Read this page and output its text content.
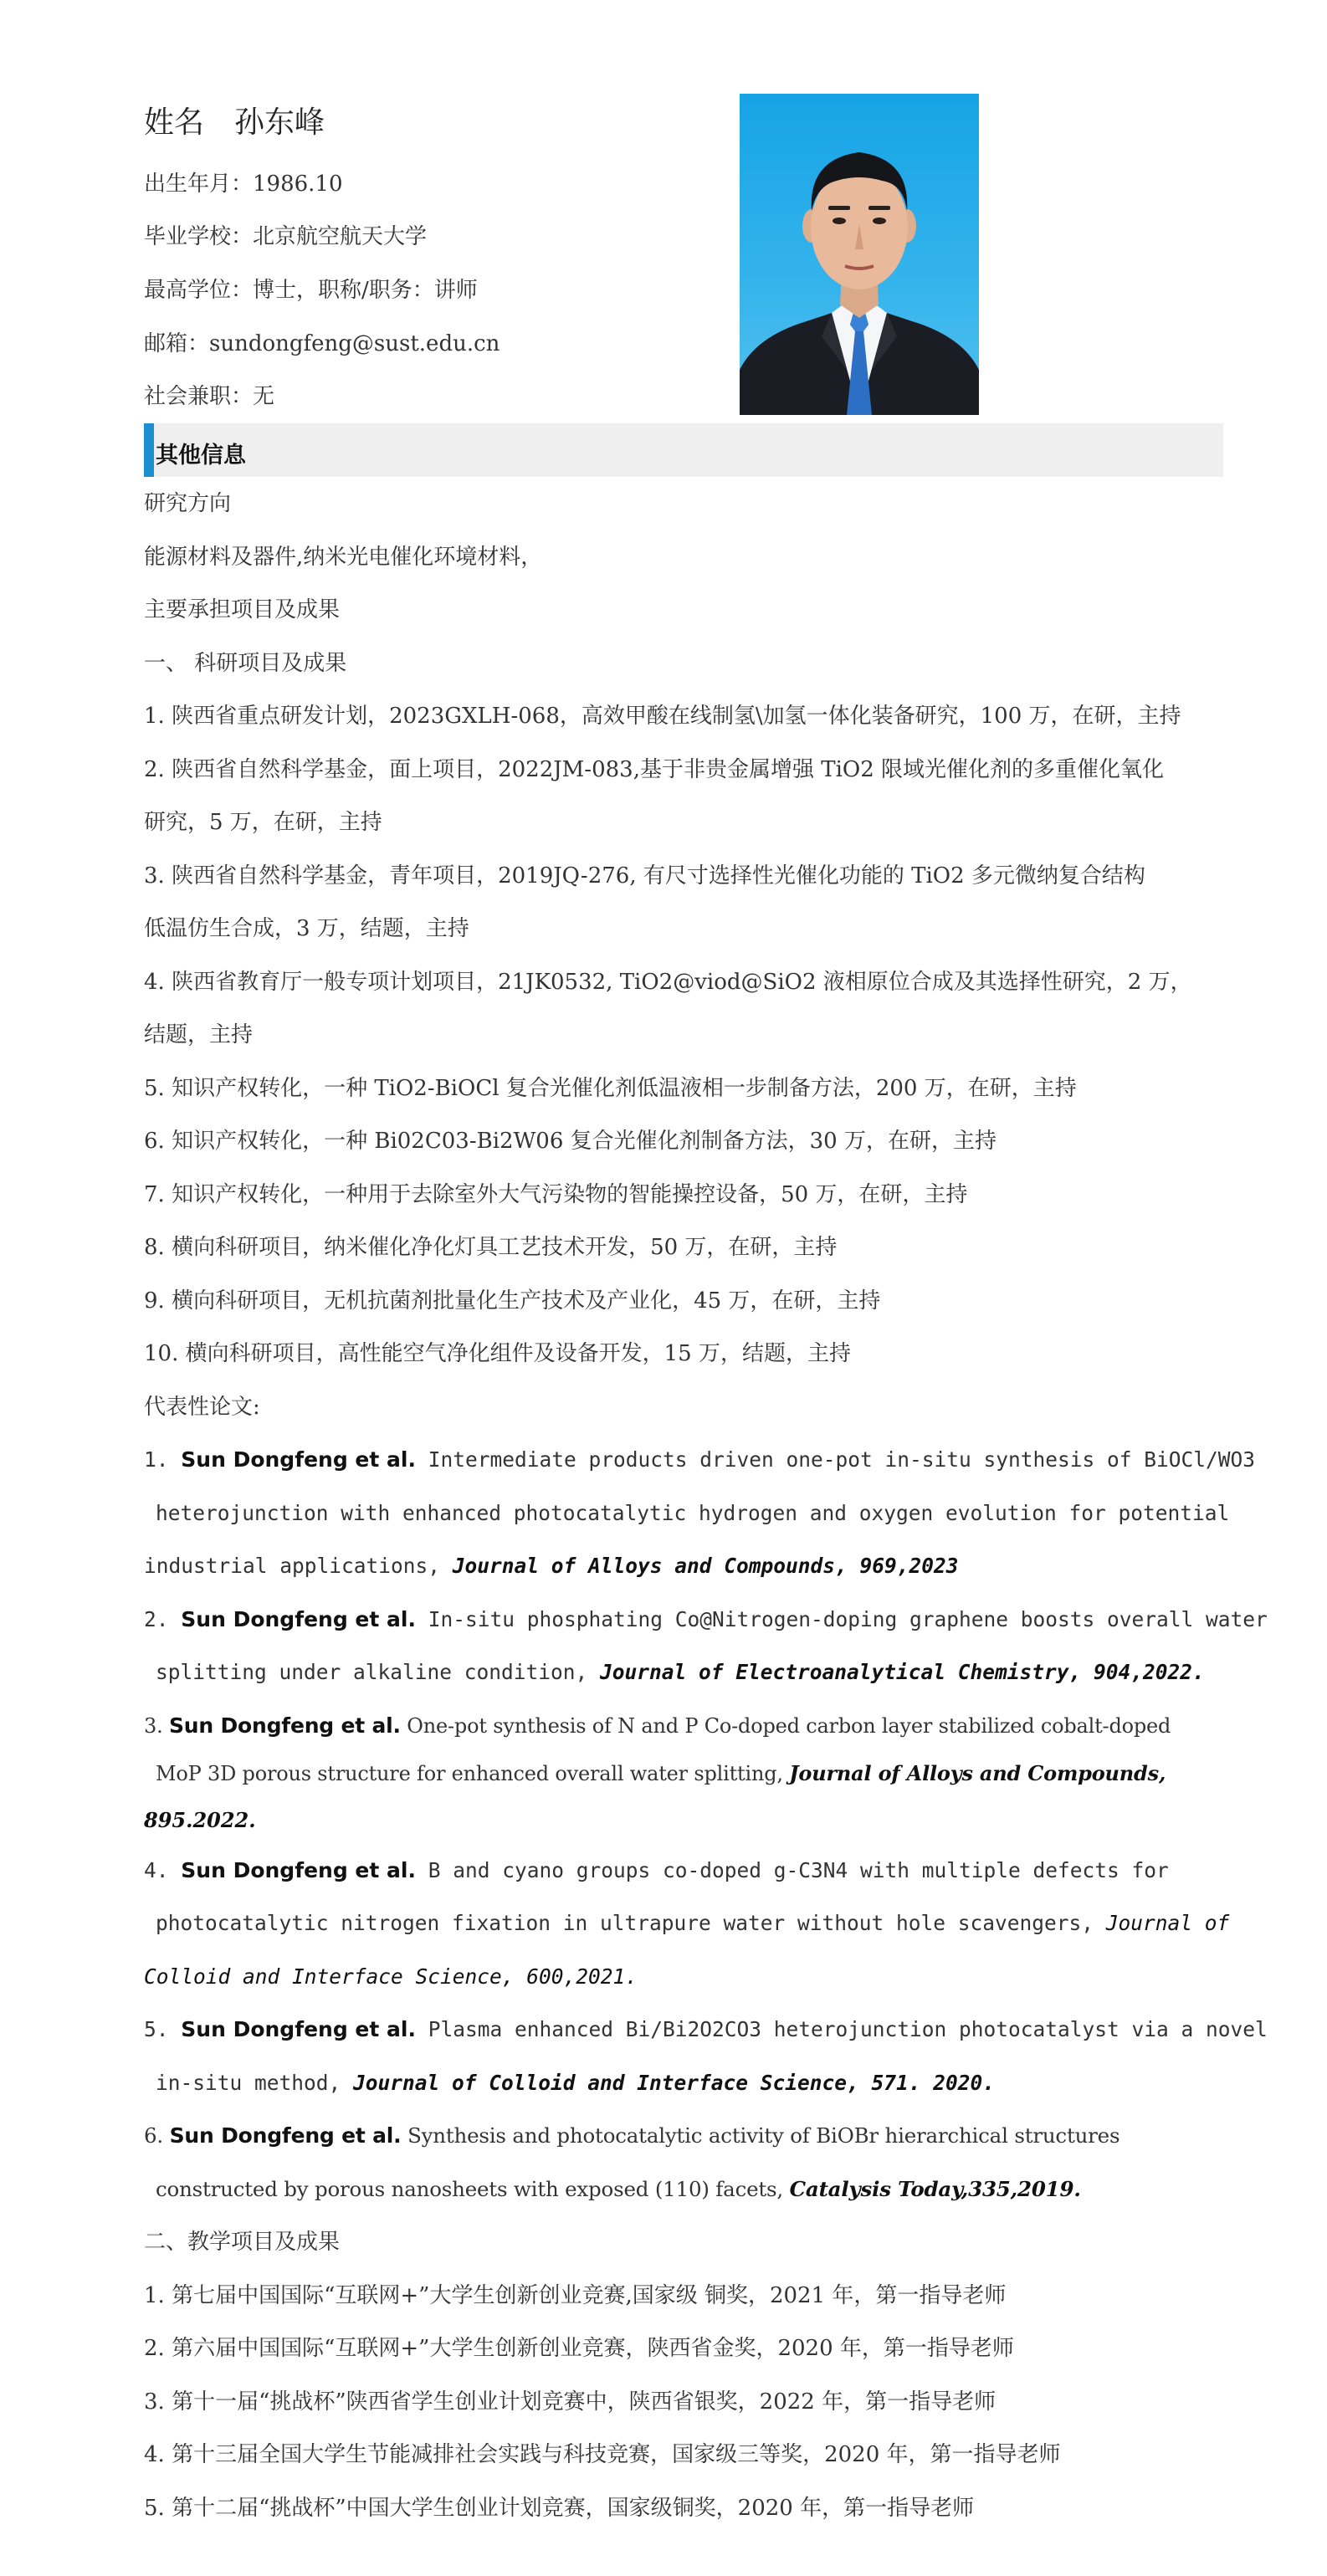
姓名 孙东峰
出生年月：1986.10
毕业学校：北京航空航天大学
最高学位：博士，职称/职务：讲师
邮箱：sundongfeng@sust.edu.cn
社会兼职：无
其他信息
研究方向
能源材料及器件,纳米光电催化环境材料，
主要承担项目及成果
一、 科研项目及成果
1. 陕西省重点研发计划，2023GXLH-068，高效甲酸在线制氢\加氢一体化装备研究，100 万，在研，主持
2. 陕西省自然科学基金，面上项目，2022JM-083,基于非贵金属增强 TiO2 限域光催化剂的多重催化氧化
研究，5 万，在研，主持
3. 陕西省自然科学基金，青年项目，2019JQ-276, 有尺寸选择性光催化功能的 TiO2 多元微纳复合结构
低温仿生合成，3 万，结题，主持
4. 陕西省教育厅一般专项计划项目，21JK0532, TiO2@viod@SiO2 液相原位合成及其选择性研究，2 万，
结题，主持
5. 知识产权转化，一种 TiO2-BiOCl 复合光催化剂低温液相一步制备方法，200 万，在研，主持
6. 知识产权转化，一种 Bi02C03-Bi2W06 复合光催化剂制备方法，30 万，在研，主持
7. 知识产权转化，一种用于去除室外大气污染物的智能操控设备，50 万，在研，主持
8. 横向科研项目，纳米催化净化灯具工艺技术开发，50 万，在研，主持
9. 横向科研项目，无机抗菌剂批量化生产技术及产业化，45 万，在研，主持
10. 横向科研项目，高性能空气净化组件及设备开发，15 万，结题，主持
代表性论文:
1. Sun Dongfeng et al. Intermediate products driven one-pot in-situ synthesis of BiOCl/WO3
heterojunction with enhanced photocatalytic hydrogen and oxygen evolution for potential
industrial applications, Journal of Alloys and Compounds, 969,2023
2. Sun Dongfeng et al. In-situ phosphating Co@Nitrogen-doping graphene boosts overall water
splitting under alkaline condition, Journal of Electroanalytical Chemistry, 904,2022.
3. Sun Dongfeng et al. One-pot synthesis of N and P Co-doped carbon layer stabilized cobalt-doped
MoP 3D porous structure for enhanced overall water splitting, Journal of Alloys and Compounds,
895.2022.
4. Sun Dongfeng et al. B and cyano groups co-doped g-C3N4 with multiple defects for
photocatalytic nitrogen fixation in ultrapure water without hole scavengers, Journal of
Colloid and Interface Science, 600,2021.
5. Sun Dongfeng et al. Plasma enhanced Bi/Bi2O2CO3 heterojunction photocatalyst via a novel
in-situ method, Journal of Colloid and Interface Science, 571. 2020.
6. Sun Dongfeng et al. Synthesis and photocatalytic activity of BiOBr hierarchical structures
constructed by porous nanosheets with exposed (110) facets, Catalysis Today,335,2019.
二、教学项目及成果
1. 第七届中国国际“互联网+”大学生创新创业竞赛,国家级 铜奖，2021 年，第一指导老师
2. 第六届中国国际“互联网+”大学生创新创业竞赛，陕西省金奖，2020 年，第一指导老师
3. 第十一届“挑战杯”陕西省学生创业计划竞赛中，陕西省银奖，2022 年，第一指导老师
4. 第十三届全国大学生节能减排社会实践与科技竞赛，国家级三等奖，2020 年，第一指导老师
5. 第十二届“挑战杯”中国大学生创业计划竞赛，国家级铜奖，2020 年，第一指导老师
